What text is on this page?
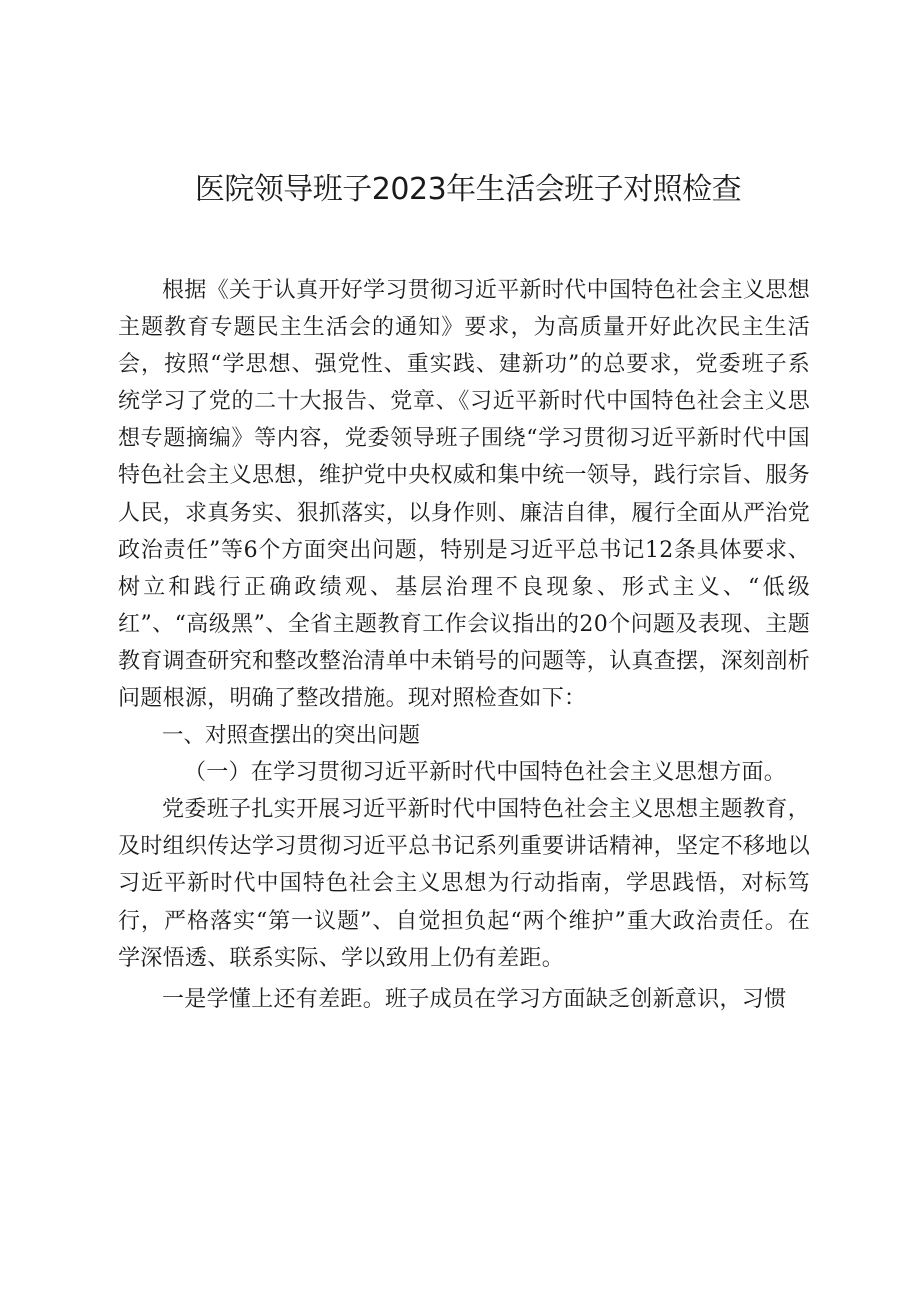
医院领导班子2023年生活会班子对照检查

根据《关于认真开好学习贯彻习近平新时代中国特色社会主义思想主题教育专题民主生活会的通知》要求，为高质量开好此次民主生活会，按照“学思想、强党性、重实践、建新功”的总要求，党委班子系统学习了党的二十大报告、党章、《习近平新时代中国特色社会主义思想专题摘编》等内容，党委领导班子围绕“学习贯彻习近平新时代中国特色社会主义思想，维护党中央权威和集中统一领导，践行宗旨、服务人民，求真务实、狠抓落实，以身作则、廉洁自律，履行全面从严治党政治责任”等6个方面突出问题，特别是习近平总书记12条具体要求、树立和践行正确政绩观、基层治理不良现象、形式主义、“低级红”、“高级黑”、全省主题教育工作会议指出的20个问题及表现、主题教育调查研究和整改整治清单中未销号的问题等，认真查摆，深刻剖析问题根源，明确了整改措施。现对照检查如下：

一、对照查摆出的突出问题

（一）在学习贯彻习近平新时代中国特色社会主义思想方面。

党委班子扎实开展习近平新时代中国特色社会主义思想主题教育，及时组织传达学习贯彻习近平总书记系列重要讲话精神，坚定不移地以习近平新时代中国特色社会主义思想为行动指南，学思践悟，对标笃行，严格落实“第一议题”、自觉担负起“两个维护”重大政治责任。在学深悟透、联系实际、学以致用上仍有差距。

一是学懂上还有差距。班子成员在学习方面缺乏创新意识，习惯
